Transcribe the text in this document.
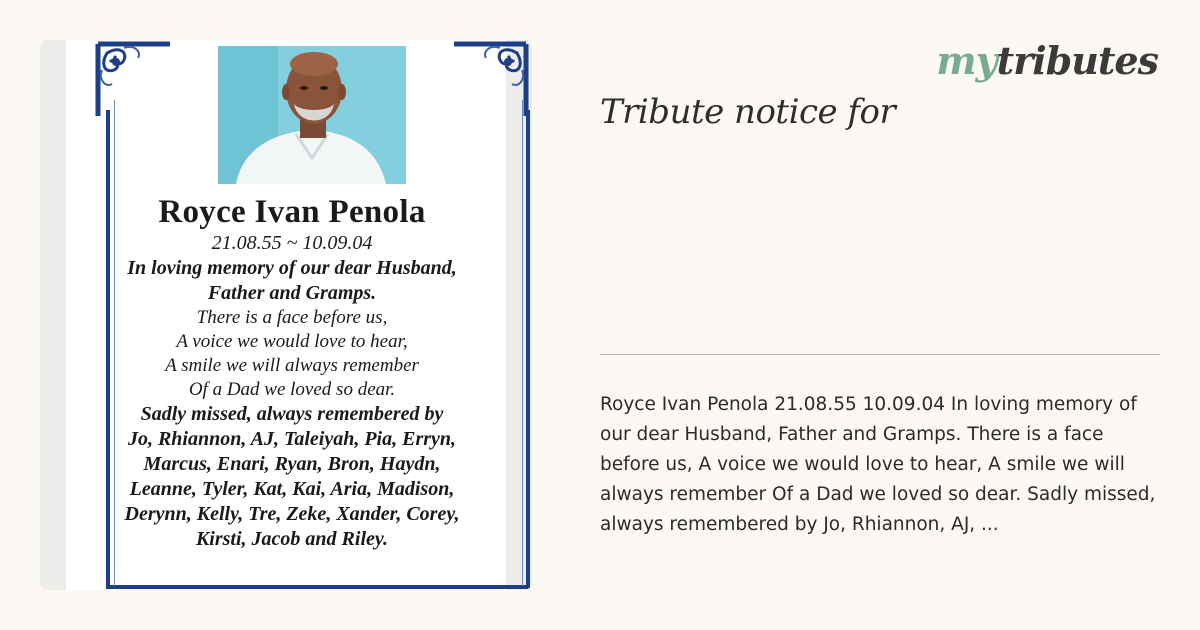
Royce Ivan Penola
21.08.55 ~ 10.09.04
In loving memory of our dear Husband,
Father and Gramps.
There is a face before us,
A voice we would love to hear,
A smile we will always remember
Of a Dad we loved so dear.
Sadly missed, always remembered by
Jo, Rhiannon, AJ, Taleiyah, Pia, Erryn,
Marcus, Enari, Ryan, Bron, Haydn,
Leanne, Tyler, Kat, Kai, Aria, Madison,
Derynn, Kelly, Tre, Zeke, Xander, Corey,
Kirsti, Jacob and Riley.
mytributes
Tribute notice for
Royce Ivan Penola 21.08.55 10.09.04 In loving memory of our dear Husband, Father and Gramps. There is a face before us, A voice we would love to hear, A smile we will always remember Of a Dad we loved so dear. Sadly missed, always remembered by Jo, Rhiannon, AJ, ...
